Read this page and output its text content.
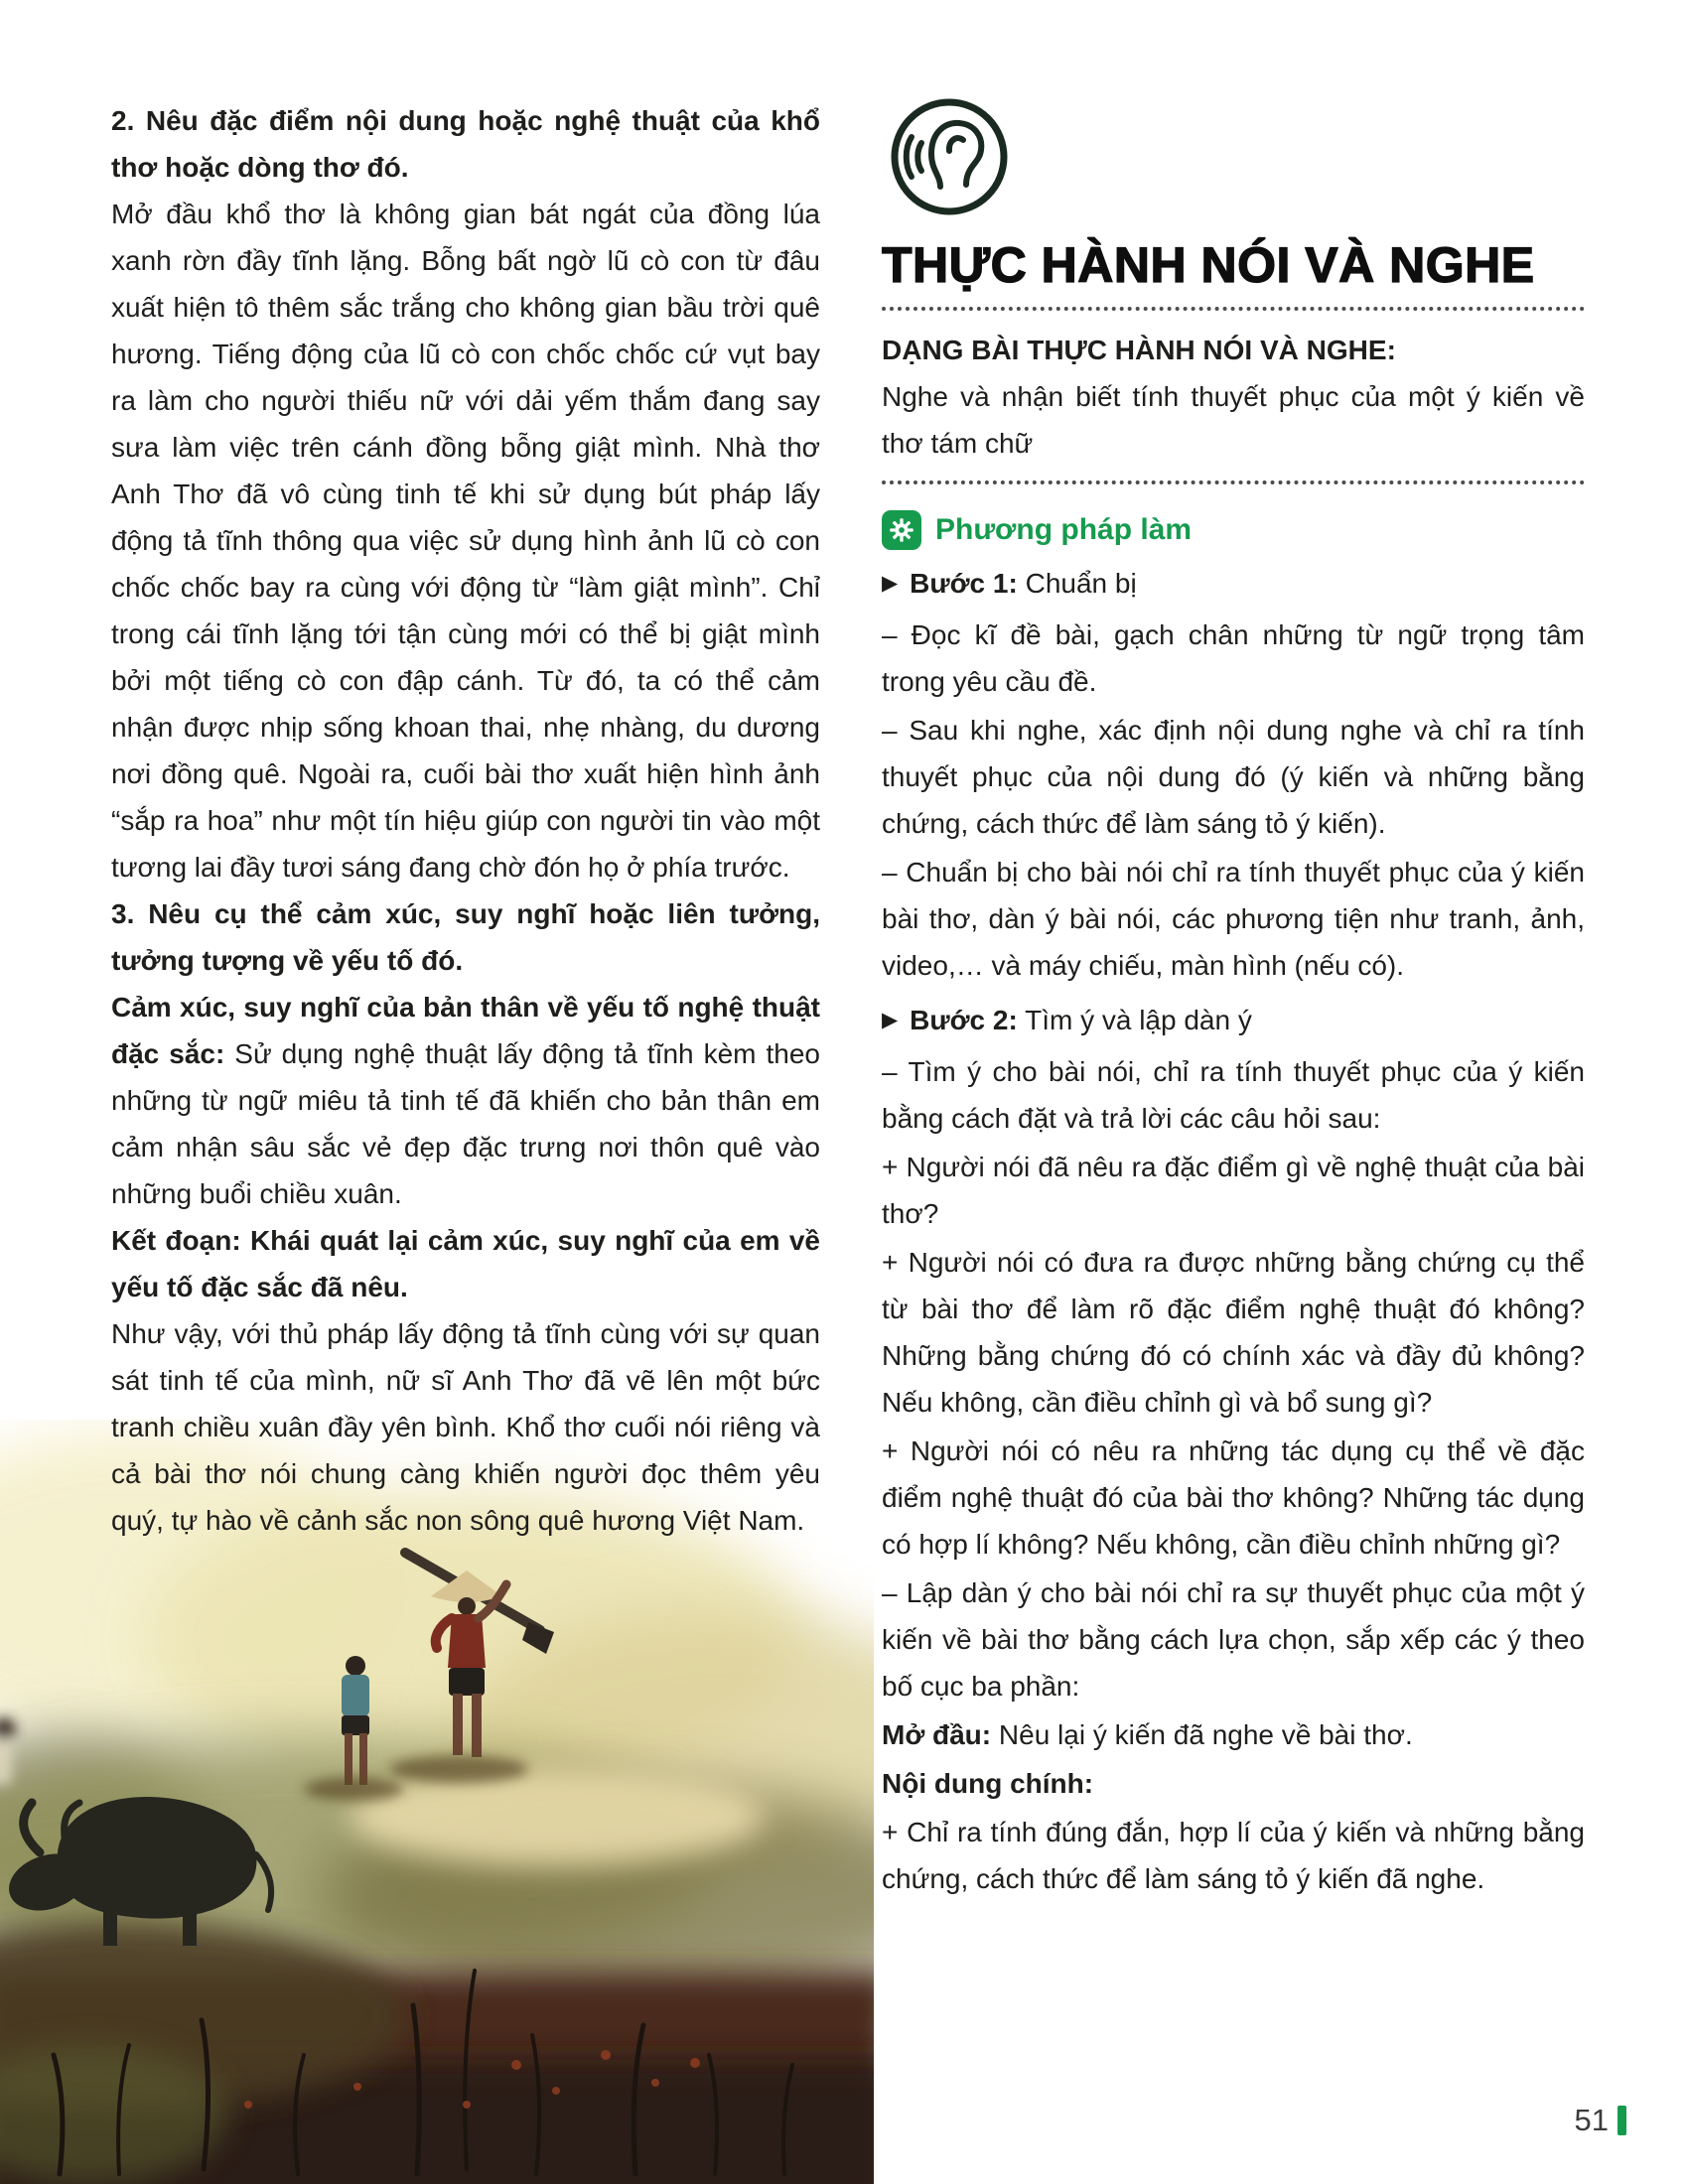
2. Nêu đặc điểm nội dung hoặc nghệ thuật của khổ thơ hoặc dòng thơ đó.

Mở đầu khổ thơ là không gian bát ngát của đồng lúa xanh rờn đầy tĩnh lặng. Bỗng bất ngờ lũ cò con từ đâu xuất hiện tô thêm sắc trắng cho không gian bầu trời quê hương. Tiếng động của lũ cò con chốc chốc cứ vụt bay ra làm cho người thiếu nữ với dải yếm thắm đang say sưa làm việc trên cánh đồng bỗng giật mình. Nhà thơ Anh Thơ đã vô cùng tinh tế khi sử dụng bút pháp lấy động tả tĩnh thông qua việc sử dụng hình ảnh lũ cò con chốc chốc bay ra cùng với động từ “làm giật mình”. Chỉ trong cái tĩnh lặng tới tận cùng mới có thể bị giật mình bởi một tiếng cò con đập cánh. Từ đó, ta có thể cảm nhận được nhịp sống khoan thai, nhẹ nhàng, du dương nơi đồng quê. Ngoài ra, cuối bài thơ xuất hiện hình ảnh “sắp ra hoa” như một tín hiệu giúp con người tin vào một tương lai đầy tươi sáng đang chờ đón họ ở phía trước.

3. Nêu cụ thể cảm xúc, suy nghĩ hoặc liên tưởng, tưởng tượng về yếu tố đó.

Cảm xúc, suy nghĩ của bản thân về yếu tố nghệ thuật đặc sắc: Sử dụng nghệ thuật lấy động tả tĩnh kèm theo những từ ngữ miêu tả tinh tế đã khiến cho bản thân em cảm nhận sâu sắc vẻ đẹp đặc trưng nơi thôn quê vào những buổi chiều xuân.

Kết đoạn: Khái quát lại cảm xúc, suy nghĩ của em về yếu tố đặc sắc đã nêu.

Như vậy, với thủ pháp lấy động tả tĩnh cùng với sự quan sát tinh tế của mình, nữ sĩ Anh Thơ đã vẽ lên một bức tranh chiều xuân đầy yên bình. Khổ thơ cuối nói riêng và cả bài thơ nói chung càng khiến người đọc thêm yêu quý, tự hào về cảnh sắc non sông quê hương Việt Nam.

THỰC HÀNH NÓI VÀ NGHE

DẠNG BÀI THỰC HÀNH NÓI VÀ NGHE:

Nghe và nhận biết tính thuyết phục của một ý kiến về thơ tám chữ

Phương pháp làm

▶ Bước 1: Chuẩn bị

– Đọc kĩ đề bài, gạch chân những từ ngữ trọng tâm trong yêu cầu đề.

– Sau khi nghe, xác định nội dung nghe và chỉ ra tính thuyết phục của nội dung đó (ý kiến và những bằng chứng, cách thức để làm sáng tỏ ý kiến).

– Chuẩn bị cho bài nói chỉ ra tính thuyết phục của ý kiến bài thơ, dàn ý bài nói, các phương tiện như tranh, ảnh, video,… và máy chiếu, màn hình (nếu có).

▶ Bước 2: Tìm ý và lập dàn ý

– Tìm ý cho bài nói, chỉ ra tính thuyết phục của ý kiến bằng cách đặt và trả lời các câu hỏi sau:

+ Người nói đã nêu ra đặc điểm gì về nghệ thuật của bài thơ?

+ Người nói có đưa ra được những bằng chứng cụ thể từ bài thơ để làm rõ đặc điểm nghệ thuật đó không? Những bằng chứng đó có chính xác và đầy đủ không? Nếu không, cần điều chỉnh gì và bổ sung gì?

+ Người nói có nêu ra những tác dụng cụ thể về đặc điểm nghệ thuật đó của bài thơ không? Những tác dụng có hợp lí không? Nếu không, cần điều chỉnh những gì?

– Lập dàn ý cho bài nói chỉ ra sự thuyết phục của một ý kiến về bài thơ bằng cách lựa chọn, sắp xếp các ý theo bố cục ba phần:

Mở đầu: Nêu lại ý kiến đã nghe về bài thơ.

Nội dung chính:

+ Chỉ ra tính đúng đắn, hợp lí của ý kiến và những bằng chứng, cách thức để làm sáng tỏ ý kiến đã nghe.

51
